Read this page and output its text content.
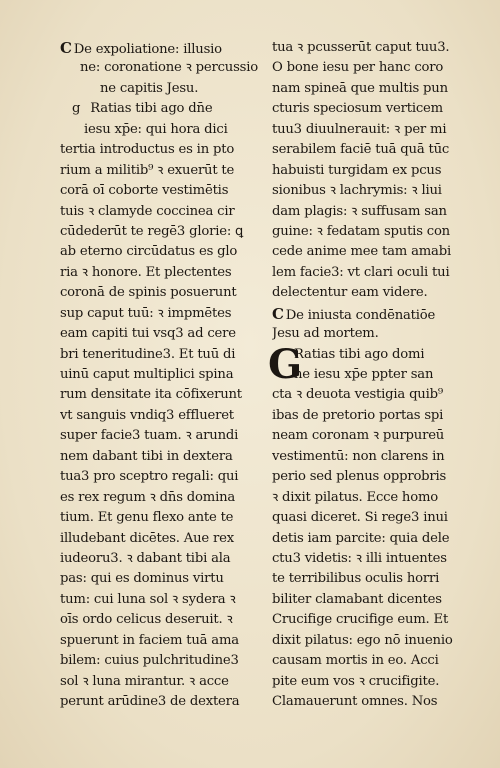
C De expoliatione: illusio
ne: coronatione ꝛ percussio
ne capitis Jesu.
g Ratias tibi ago dn̄e
iesu xp̄e: qui hora dici
tertia introductus es in pto
rium a militib⁹ ꝛ exuerūt te
corā oī coborte vestimētis
tuis ꝛ clamyde coccinea cir
cūdederūt te regē3 glorie: ꝗ
ab eterno circūdatus es glo
ria ꝛ honore. Et plectentes
coronā de spinis posuerunt
sup caput tuū: ꝛ impmētes
eam capiti tui vsq3 ad cere
bri teneritudine3. Et tuū di
uinū caput multiplici spina
rum densitate ita cōfixerunt
vt sanguis vndiq3 efflueret
super facie3 tuam. ꝛ arundi
nem dabant tibi in dextera
tua3 pro sceptro regali: qui
es rex regum ꝛ dn̄s domina
tium. Et genu flexo ante te
illudebant dicētes. Aue rex
iudeoru3. ꝛ dabant tibi ala
pas: qui es dominus virtu
tum: cui luna sol ꝛ sydera ꝛ
oīs ordo celicus deseruit. ꝛ
spuerunt in faciem tuā ama
bilem: cuius pulchritudine3
sol ꝛ luna mirantur. ꝛ acce
perunt arūdine3 de dextera
tua ꝛ pcusserūt caput tuu3.
O bone iesu per hanc coro
nam spineā que multis pun
cturis speciosum verticem
tuu3 diuulnerauit: ꝛ per mi
serabilem faciē tuā quā tūc
habuisti turgidam ex pcus
sionibus ꝛ lachrymis: ꝛ liui
dam plagis: ꝛ suffusam san
guine: ꝛ fedatam sputis con
cede anime mee tam amabi
lem facie3: vt clari oculi tui
delectentur eam videre.
C De iniusta condēnatiōe
Jesu ad mortem.
G
Ratias tibi ago domi
ne iesu xp̄e ppter san
cta ꝛ deuota vestigia quib⁹
ibas de pretorio portas spi
neam coronam ꝛ purpureū
vestimentū: non clarens in
perio sed plenus opprobris
ꝛ dixit pilatus. Ecce homo
quasi diceret. Si rege3 inui
detis iam parcite: quia dele
ctu3 videtis: ꝛ illi intuentes
te terribilibus oculis horri
biliter clamabant dicentes
Crucifige crucifige eum. Et
dixit pilatus: ego nō inuenio
causam mortis in eo. Acci
pite eum vos ꝛ crucifigite.
Clamauerunt omnes. Nos
